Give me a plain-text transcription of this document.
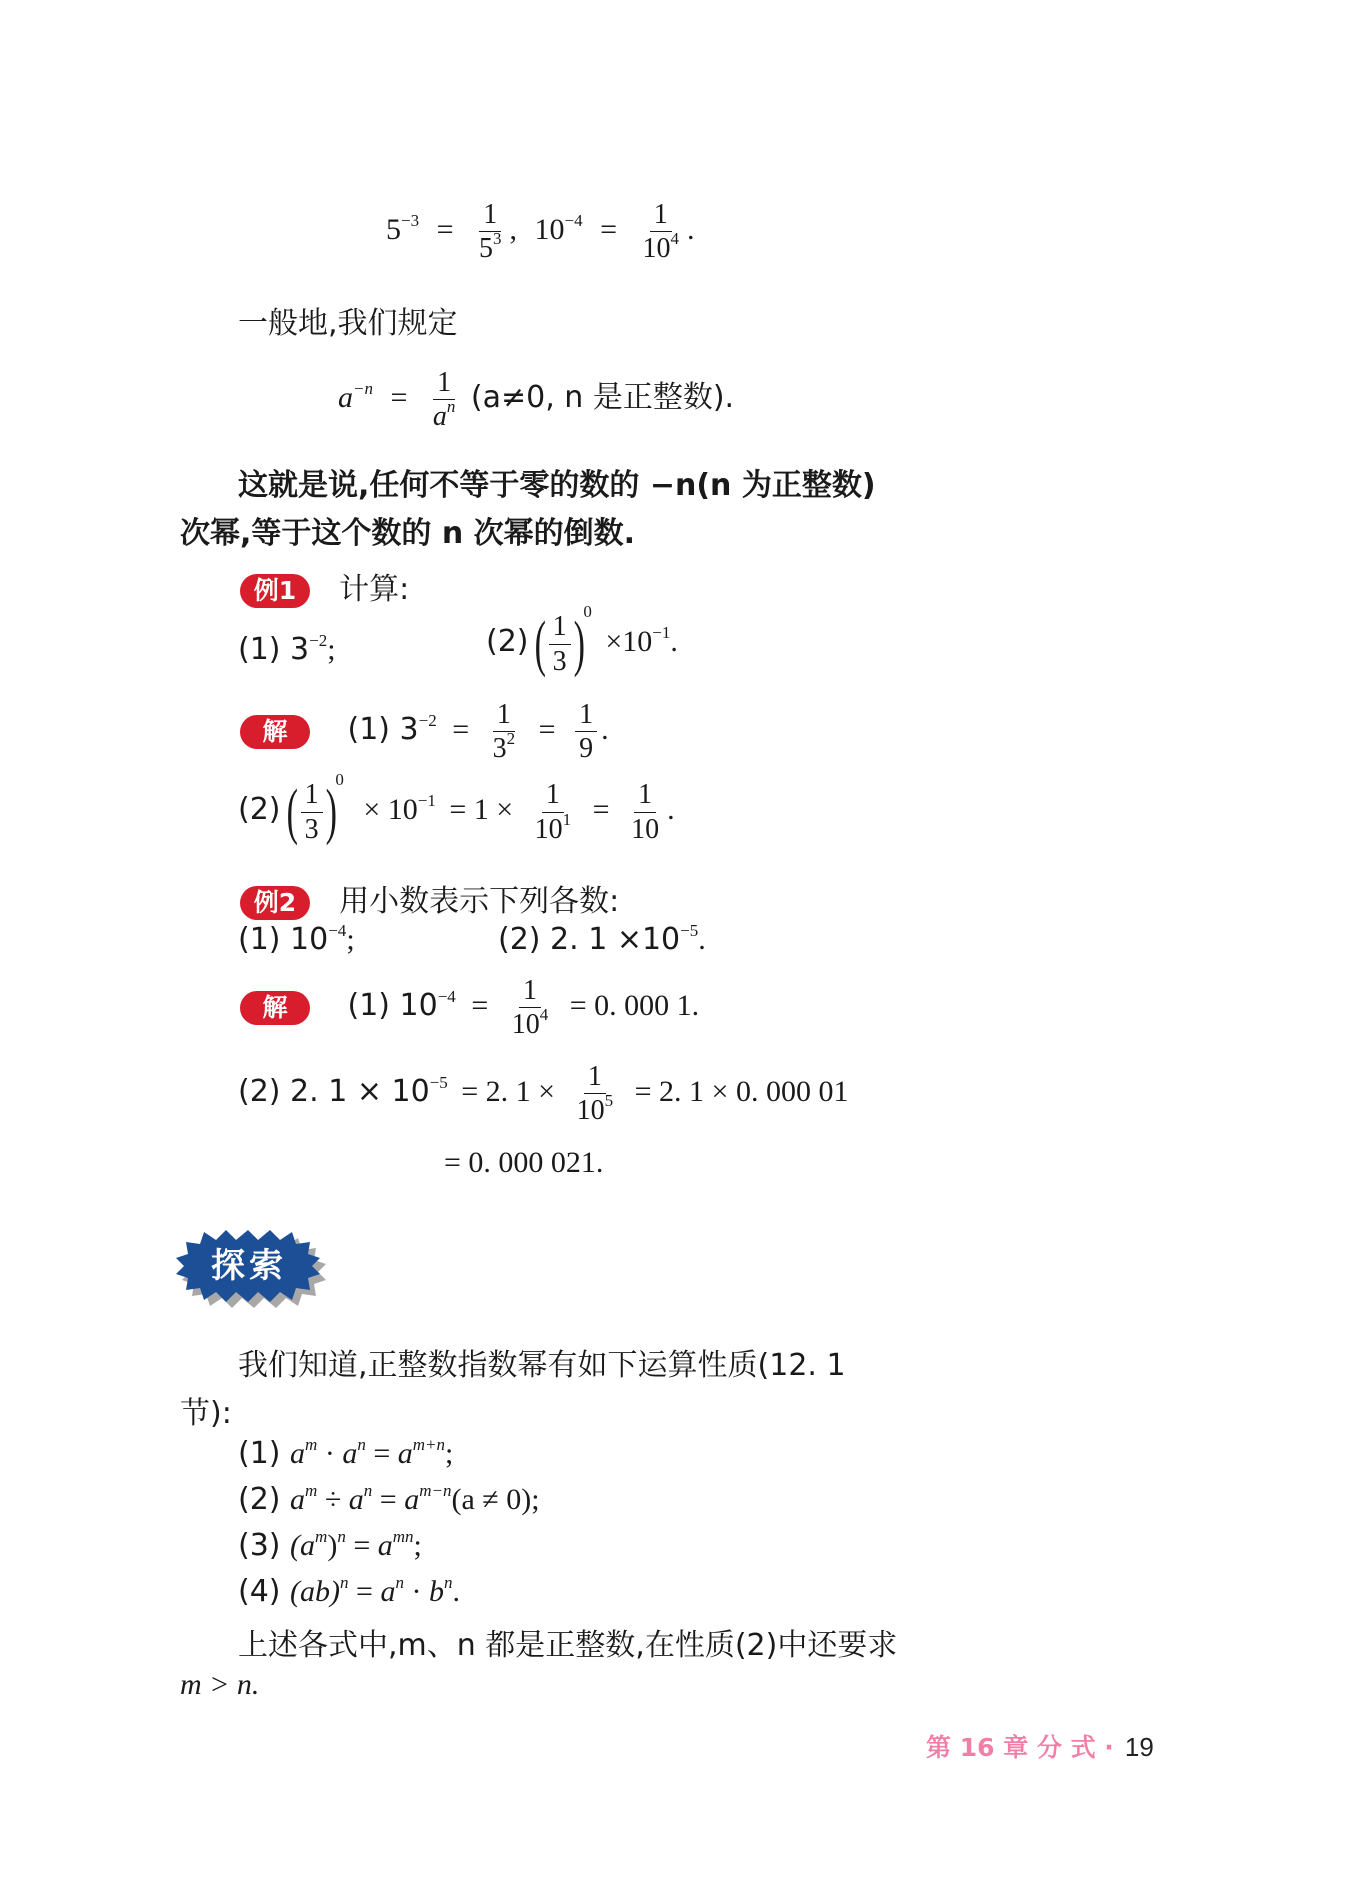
$5^{-3} = \frac{1}{5^3}$ , $10^{-4} = \frac{1}{10^4}$ .
一般地,我们规定
$a^{-n} = \frac{1}{a^n} (a\ne 0$, n 是正整数).
这就是说,任何不等于零的数的 −n(n 为正整数)
次幂,等于这个数的 n 次幂的倒数.
例1 计算:
(1) $3^{-2}$;	(2) ( $\frac{1}{3} )^0 \times 10^{-1}$.
解 (1) $3^{-2} = \frac{1}{3^2} = \frac{1}{9}$ .
(2) ( $\frac{1}{3} )^0 \times 10^{-1} = 1 \times \frac{1}{10^1} = \frac{1}{10}$ .
例2 用小数表示下列各数:
(1) $10^{-4}$;	(2) 2. $1 \times 10^{-5}$.
解 (1) $10^{-4} = \frac{1}{10^4} = 0$. 000 1.
(2) 2. $1 \times 10^{-5} = 2$. $1 \times \frac{1}{10^5} = 2$. 1 × 0. 000 01
= 0. 000 021.
探索
我们知道,正整数指数幂有如下运算性质(12. 1
节):
(1) $a^m \cdot a^n = a^{m+n}$;
(2) $a^m \div a^n = a^{m-n}(a \ne 0)$;
(3) $(a^m)^n = a^{mn}$;
(4) $(ab)^n = a^n \cdot b^n$.
上述各式中,m、n 都是正整数,在性质(2)中还要求
m > n.
第 16 章 分 式 · 19
